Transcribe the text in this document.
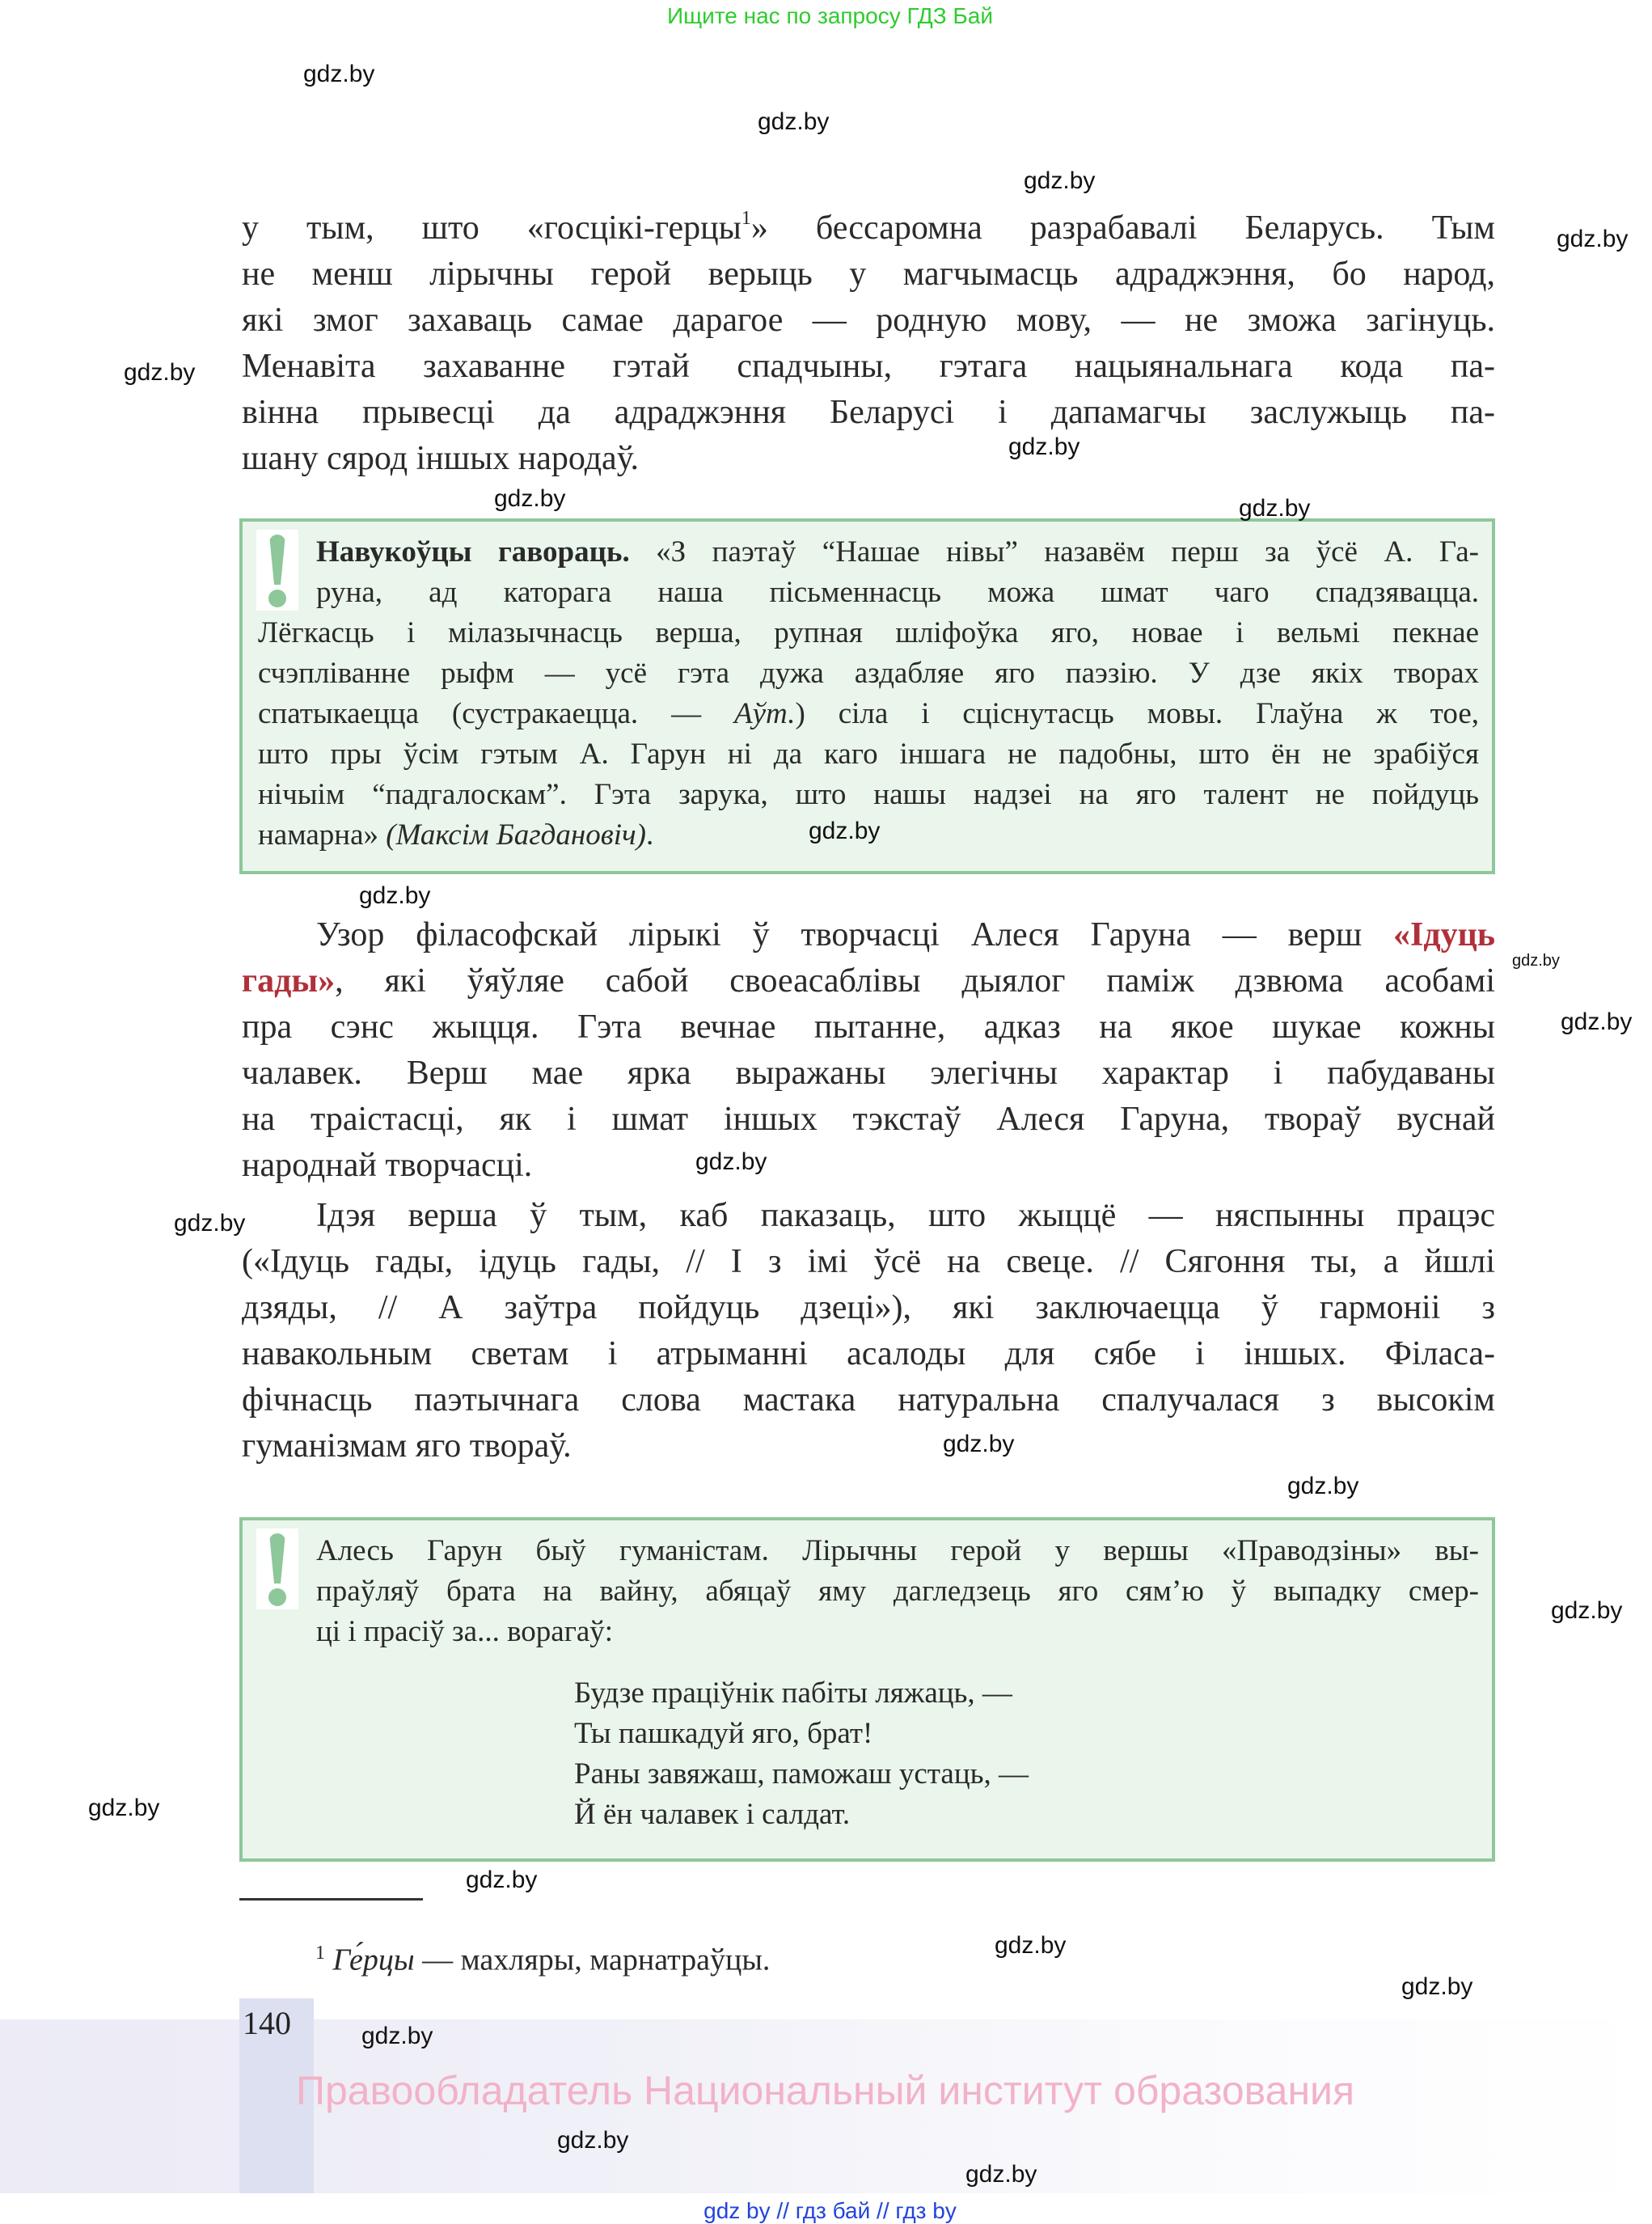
Ищите нас по запросу ГДЗ Бай
у тым, што «госцікі-герцы$^1$» бессаромна разрабавалі Беларусь. Тым
не менш лірычны герой верыць у магчымасць адраджэння, бо народ,
які змог захаваць самае дарагое — родную мову, — не зможа загінуць.
Менавіта захаванне гэтай спадчыны, гэтага нацыянальнага кода па-
вінна прывесці да адраджэння Беларусі і дапамагчы заслужыць па-
шану сярод іншых народаў.
Навукоўцы гавораць. «З паэтаў “Нашае нівы” назавём перш за ўсё А. Га-
руна, ад каторага наша пісьменнасць можа шмат чаго спадзявацца.
Лёгкасць і мілазычнасць верша, рупная шліфоўка яго, новае і вельмі пекнае
счэпліванне рыфм — усё гэта дужа аздабляе яго паэзію. У дзе якіх творах
спатыкаецца (сустракаецца. — Аўт.) сіла і сціснутасць мовы. Глаўна ж тое,
што пры ўсім гэтым А. Гарун ні да каго іншага не падобны, што ён не зрабіўся
нічыім “падгалоскам”. Гэта зарука, што нашы надзеі на яго талент не пойдуць
намарна» (Максім Багдановіч).
Узор філасофскай лірыкі ў творчасці Алеся Гаруна — верш «Ідуць
гады», які ўяўляе сабой своеасаблівы дыялог паміж дзвюма асобамі
пра сэнс жыцця. Гэта вечнае пытанне, адказ на якое шукае кожны
чалавек. Верш мае ярка выражаны элегічны характар і пабудаваны
на траістасці, як і шмат іншых тэкстаў Алеся Гаруна, твораў вуснай
народнай творчасці.
Ідэя верша ў тым, каб паказаць, што жыццё — няспынны працэс
(«Ідуць гады, ідуць гады, // І з імі ўсё на свеце. // Сягоння ты, а йшлі
дзяды, // А заўтра пойдуць дзеці»), які заключаецца ў гармоніі з
навакольным светам і атрыманні асалоды для сябе і іншых. Філаса-
фічнасць паэтычнага слова мастака натуральна спалучалася з высокім
гуманізмам яго твораў.
Алесь Гарун быў гуманістам. Лірычны герой у вершы «Праводзіны» вы-
праўляў брата на вайну, абяцаў яму дагледзець яго сям’ю ў выпадку смер-
ці і прасіў за... ворагаў:
Будзе праціўнік пабіты ляжаць, —
Ты пашкадуй яго, брат!
Раны завяжаш, паможаш устаць, —
Й ён чалавек і салдат.
$^1$ Ге́рцы — махляры, марнатраўцы.
140
Правообладатель Национальный институт образования
gdz by // гдз бай // гдз by
gdz.by
gdz.by
gdz.by
gdz.by
gdz.by
gdz.by
gdz.by	gdz.by
gdz.by
gdz.by
gdz.by
gdz.by
gdz.by
gdz.by
gdz.by
gdz.by
gdz.by
gdz.by
gdz.by
gdz.by
gdz.by
gdz.by
gdz.by
gdz.by
